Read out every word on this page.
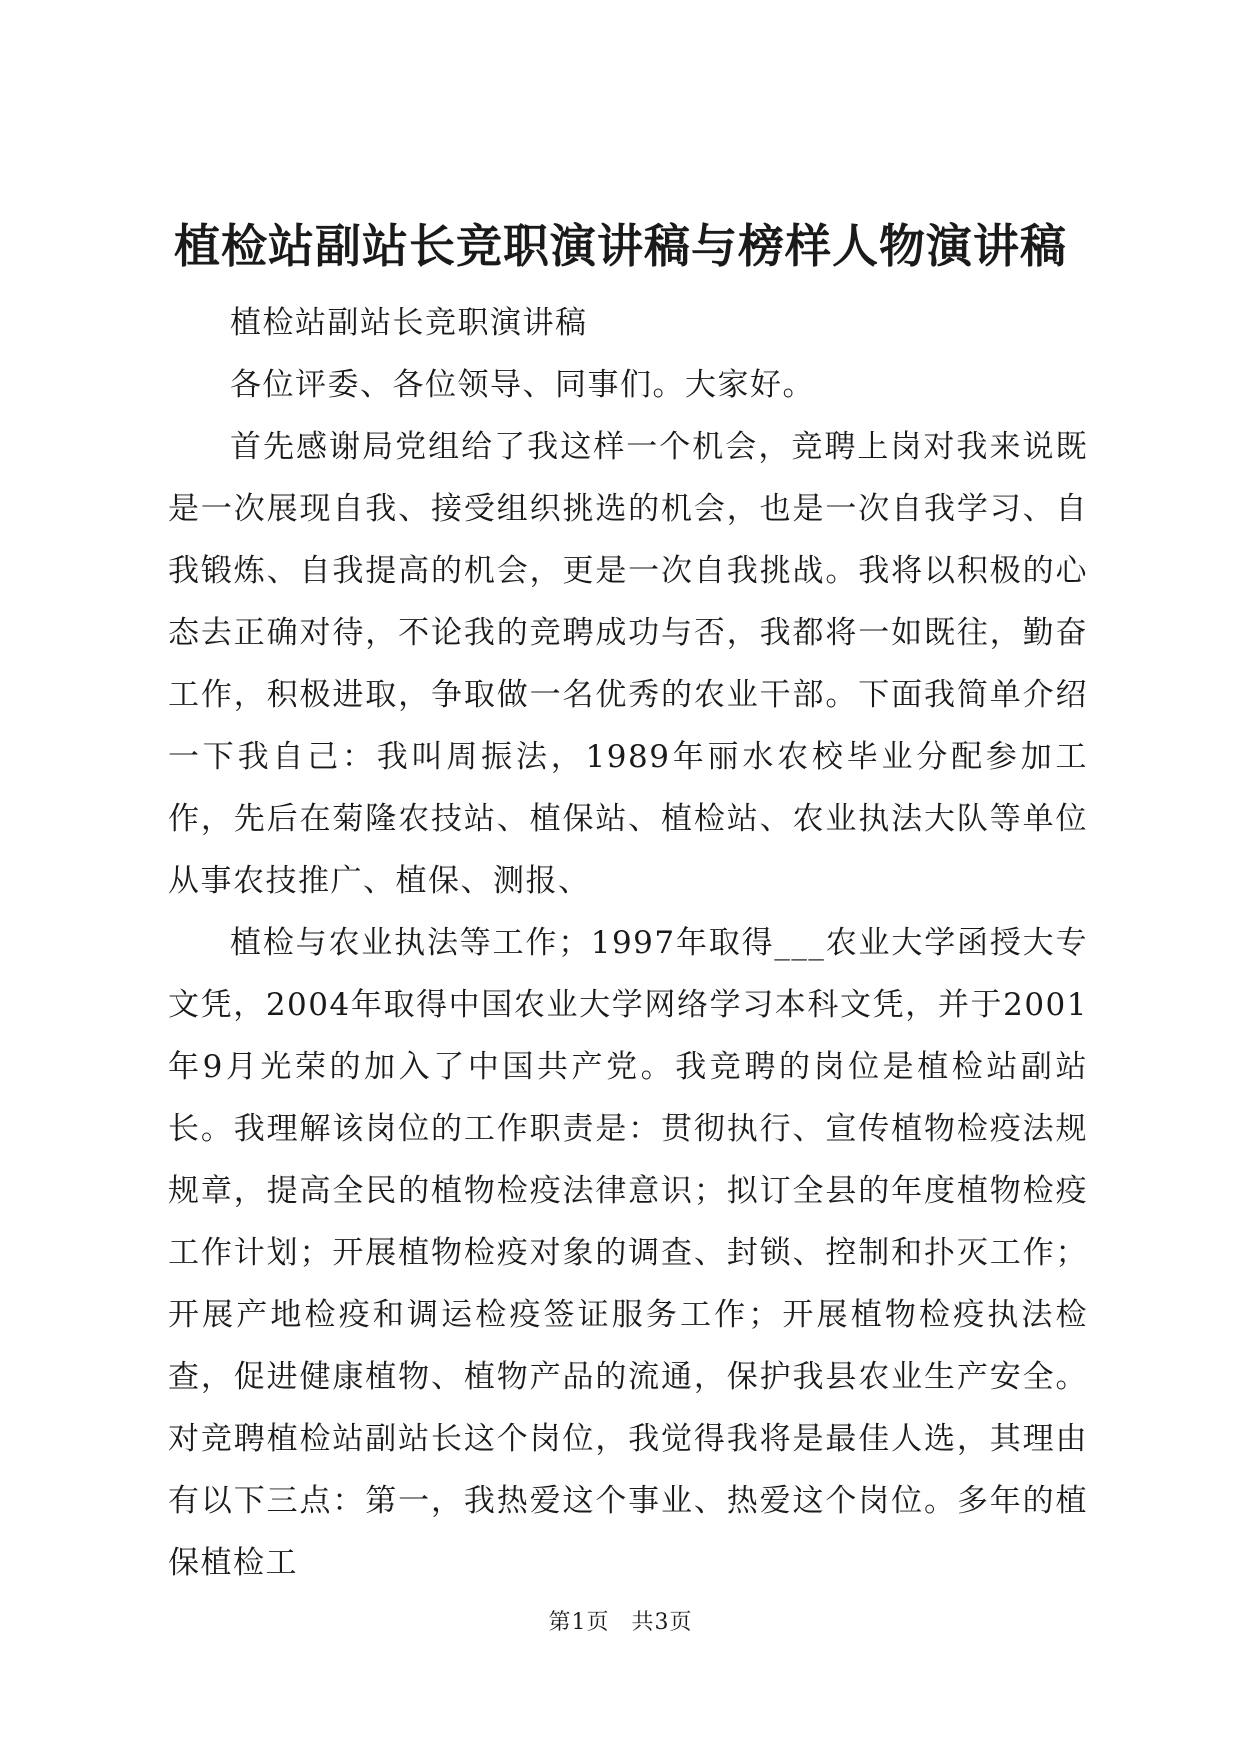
植检站副站长竞职演讲稿与榜样人物演讲稿

植检站副站长竞职演讲稿

各位评委、各位领导、同事们。大家好。

首先感谢局党组给了我这样一个机会，竞聘上岗对我来说既是一次展现自我、接受组织挑选的机会，也是一次自我学习、自我锻炼、自我提高的机会，更是一次自我挑战。我将以积极的心态去正确对待，不论我的竞聘成功与否，我都将一如既往，勤奋工作，积极进取，争取做一名优秀的农业干部。下面我简单介绍一下我自己：我叫周振法，1989年丽水农校毕业分配参加工作，先后在菊隆农技站、植保站、植检站、农业执法大队等单位从事农技推广、植保、测报、

植检与农业执法等工作；1997年取得___农业大学函授大专文凭，2004年取得中国农业大学网络学习本科文凭，并于2001年9月光荣的加入了中国共产党。我竞聘的岗位是植检站副站长。我理解该岗位的工作职责是：贯彻执行、宣传植物检疫法规规章，提高全民的植物检疫法律意识；拟订全县的年度植物检疫工作计划；开展植物检疫对象的调查、封锁、控制和扑灭工作；开展产地检疫和调运检疫签证服务工作；开展植物检疫执法检查，促进健康植物、植物产品的流通，保护我县农业生产安全。对竞聘植检站副站长这个岗位，我觉得我将是最佳人选，其理由有以下三点：第一，我热爱这个事业、热爱这个岗位。多年的植保植检工

第1页 共3页
